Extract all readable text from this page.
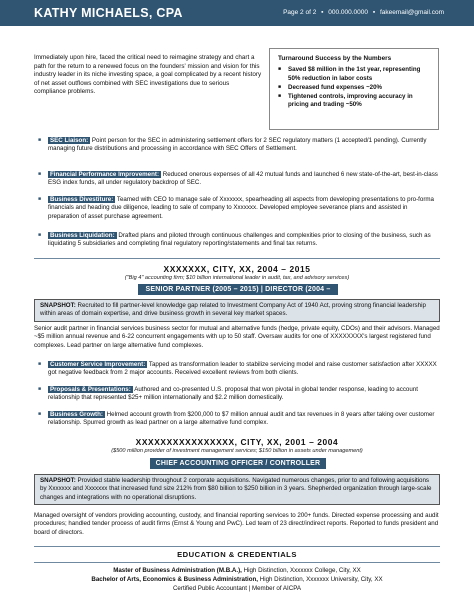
KATHY MICHAELS, CPA	Page 2 of 2 ▪ 000.000.0000 ▪ fakeemail@gmail.com
Immediately upon hire, faced the critical need to reimagine strategy and chart a path for the return to a renewed focus on the founders' mission and vision for this industry leader in its niche investing space, a goal complicated by a recent history of net asset outflows combined with SEC investigations due to serious compliance problems.
Turnaround Success by the Numbers
■ Saved $8 million in the 1st year, representing 50% reduction in labor costs
■ Decreased fund expenses ~20%
■ Tightened controls, improving accuracy in pricing and trading ~50%
■ SEC Liaison: Point person for the SEC in administering settlement offers for 2 SEC regulatory matters (1 accepted/1 pending). Currently managing future distributions and processing in accordance with SEC Offers of Settlement.
■ Financial Performance Improvement: Reduced onerous expenses of all 42 mutual funds and launched 6 new state-of-the-art, best-in-class ESG index funds, all under regulatory backdrop of SEC.
■ Business Divestiture: Teamed with CEO to manage sale of Xxxxxxx, spearheading all aspects from developing presentations to pro-forma financials and heading due diligence, leading to sale of company to Xxxxxxx. Developed employee severance plans and assisted in preparation of asset purchase agreement.
■ Business Liquidation: Drafted plans and piloted through continuous challenges and complexities prior to closing of the business, such as liquidating 5 subsidiaries and completing final regulatory reporting/statements and final tax returns.
XXXXXXX, CITY, XX, 2004 – 2015
("Big 4" accounting firm; $10 billion international leader in audit, tax, and advisory services)
SENIOR PARTNER (2005 – 2015) | DIRECTOR (2004 –
SNAPSHOT: Recruited to fill partner-level knowledge gap related to Investment Company Act of 1940 Act, proving strong financial leadership within areas of domain expertise, and drive business growth in several key market spaces.
Senior audit partner in financial services business sector for mutual and alternative funds (hedge, private equity, CDOs) and their advisors. Managed ~$5 million annual revenue and 6-22 concurrent engagements with up to 50 staff. Oversaw audits for one of XXXXXXXX's largest registered fund complexes. Lead partner on large alternative fund complexes.
■ Customer Service Improvement: Tapped as transformation leader to stabilize servicing model and raise customer satisfaction after XXXXX got negative feedback from 2 major accounts. Received excellent reviews from both clients.
■ Proposals & Presentations: Authored and co-presented U.S. proposal that won pivotal in global tender response, leading to account relationship that represented $25+ million internationally and $2.2 million domestically.
■ Business Growth: Helmed account growth from $200,000 to $7 million annual audit and tax revenues in 8 years after taking over customer relationship. Spurred growth as lead partner on a large alternative fund complex.
XXXXXXXXXXXXXXXX, CITY, XX, 2001 – 2004
($500 million provider of investment management services; $150 billion in assets under management)
CHIEF ACCOUNTING OFFICER / CONTROLLER
SNAPSHOT: Provided stable leadership throughout 2 corporate acquisitions. Navigated numerous changes, prior to and following acquisitions by Xxxxxxx and Xxxxxxx that increased fund size 212% from $80 billion to $250 billion in 3 years. Shepherded organization through large-scale changes and integrations with no operational disruptions.
Managed oversight of vendors providing accounting, custody, and financial reporting services to 200+ funds. Directed expense processing and audit procedures; handled tender process of audit firms (Ernst & Young and PwC). Led team of 23 direct/indirect reports. Reported to funds president and board of directors.
EDUCATION & CREDENTIALS
Master of Business Administration (M.B.A.), High Distinction, Xxxxxxx College, City, XX
Bachelor of Arts, Economics & Business Administration, High Distinction, Xxxxxxx University, City, XX
Certified Public Accountant | Member of AICPA
